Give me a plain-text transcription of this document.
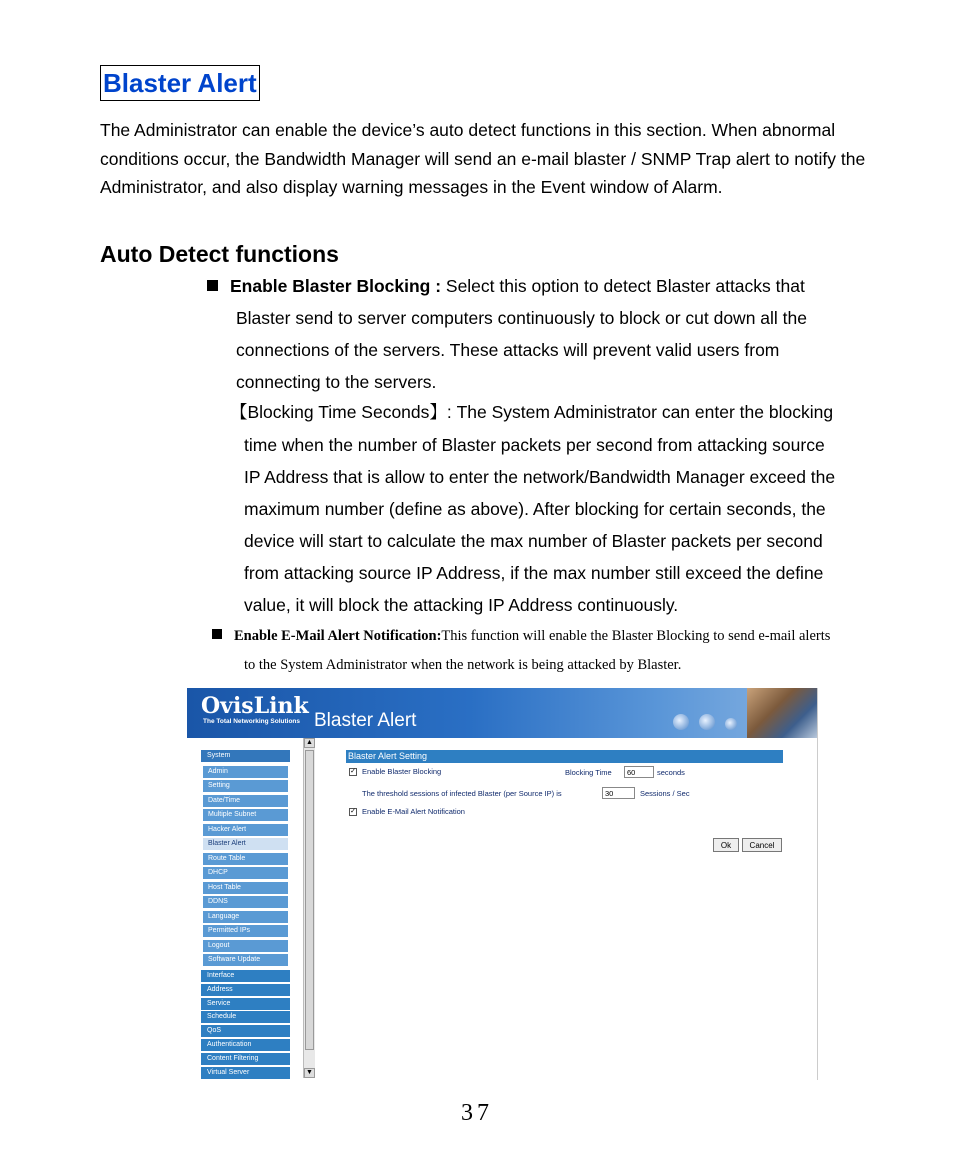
Blaster Alert
The Administrator can enable the device’s auto detect functions in this section. When abnormal conditions occur, the Bandwidth Manager will send an e-mail blaster / SNMP Trap alert to notify the Administrator, and also display warning messages in the Event window of Alarm.
Auto Detect functions
Enable Blaster Blocking : Select this option to detect Blaster attacks that
Blaster send to server computers continuously to block or cut down all the
connections of the servers. These attacks will prevent valid users from
connecting to the servers.
【Blocking Time Seconds】: The System Administrator can enter the blocking
time when the number of Blaster packets per second from attacking source
IP Address that is allow to enter the network/Bandwidth Manager exceed the
maximum number (define as above). After blocking for certain seconds, the
device will start to calculate the max number of Blaster packets per second
from attacking source IP Address, if the max number still exceed the define
value, it will block the attacking IP Address continuously.
Enable E-Mail Alert Notification:This function will enable the Blaster Blocking to send e-mail alerts
to the System Administrator when the network is being attacked by Blaster.
OvisLink
The Total Networking Solutions Blaster Alert
System
Admin
Setting
Date/Time
Multiple Subnet
Hacker Alert
Blaster Alert
Route Table
DHCP
Host Table
DDNS
Language
Permitted IPs
Logout
Software Update
Interface
Address
Service
Schedule
QoS
Authentication
Content Filtering
Virtual Server
▲
▼
Blaster Alert Setting
✓ Enable Blaster Blocking	Blocking Time
60	seconds
The threshold sessions of infected Blaster (per Source IP) is
30	Sessions / Sec
✓ Enable E-Mail Alert Notification
Ok	Cancel
37
